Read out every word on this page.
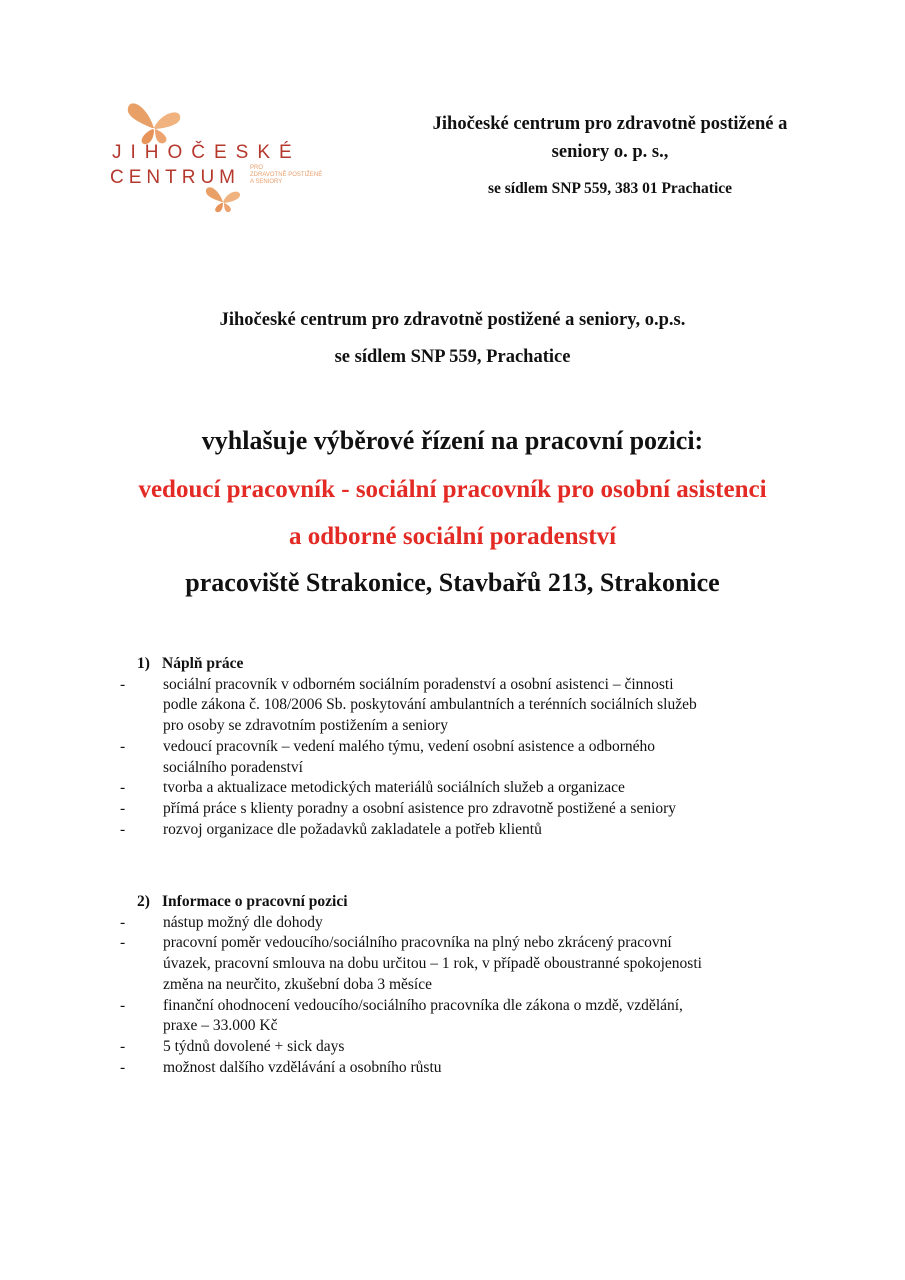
JIHOČESKÉ
CENTRUM PRO
ZDRAVOTNĚ POSTIŽENÉ
A SENIORY
Jihočeské centrum pro zdravotně postižené a
seniory o. p. s.,
se sídlem SNP 559, 383 01 Prachatice
Jihočeské centrum pro zdravotně postižené a seniory, o.p.s.
se sídlem SNP 559, Prachatice
vyhlašuje výběrové řízení na pracovní pozici:
vedoucí pracovník - sociální pracovník pro osobní asistenci
a odborné sociální poradenství
pracoviště Strakonice, Stavbařů 213, Strakonice
1) Náplň práce
- sociální pracovník v odborném sociálním poradenství a osobní asistenci – činnosti
podle zákona č. 108/2006 Sb. poskytování ambulantních a terénních sociálních služeb
pro osoby se zdravotním postižením a seniory
- vedoucí pracovník – vedení malého týmu, vedení osobní asistence a odborného
sociálního poradenství
- tvorba a aktualizace metodických materiálů sociálních služeb a organizace
- přímá práce s klienty poradny a osobní asistence pro zdravotně postižené a seniory
- rozvoj organizace dle požadavků zakladatele a potřeb klientů
2) Informace o pracovní pozici
- nástup možný dle dohody
- pracovní poměr vedoucího/sociálního pracovníka na plný nebo zkrácený pracovní
úvazek, pracovní smlouva na dobu určitou – 1 rok, v případě oboustranné spokojenosti
změna na neurčito, zkušební doba 3 měsíce
- finanční ohodnocení vedoucího/sociálního pracovníka dle zákona o mzdě, vzdělání,
praxe – 33.000 Kč
- 5 týdnů dovolené + sick days
- možnost dalšího vzdělávání a osobního růstu
